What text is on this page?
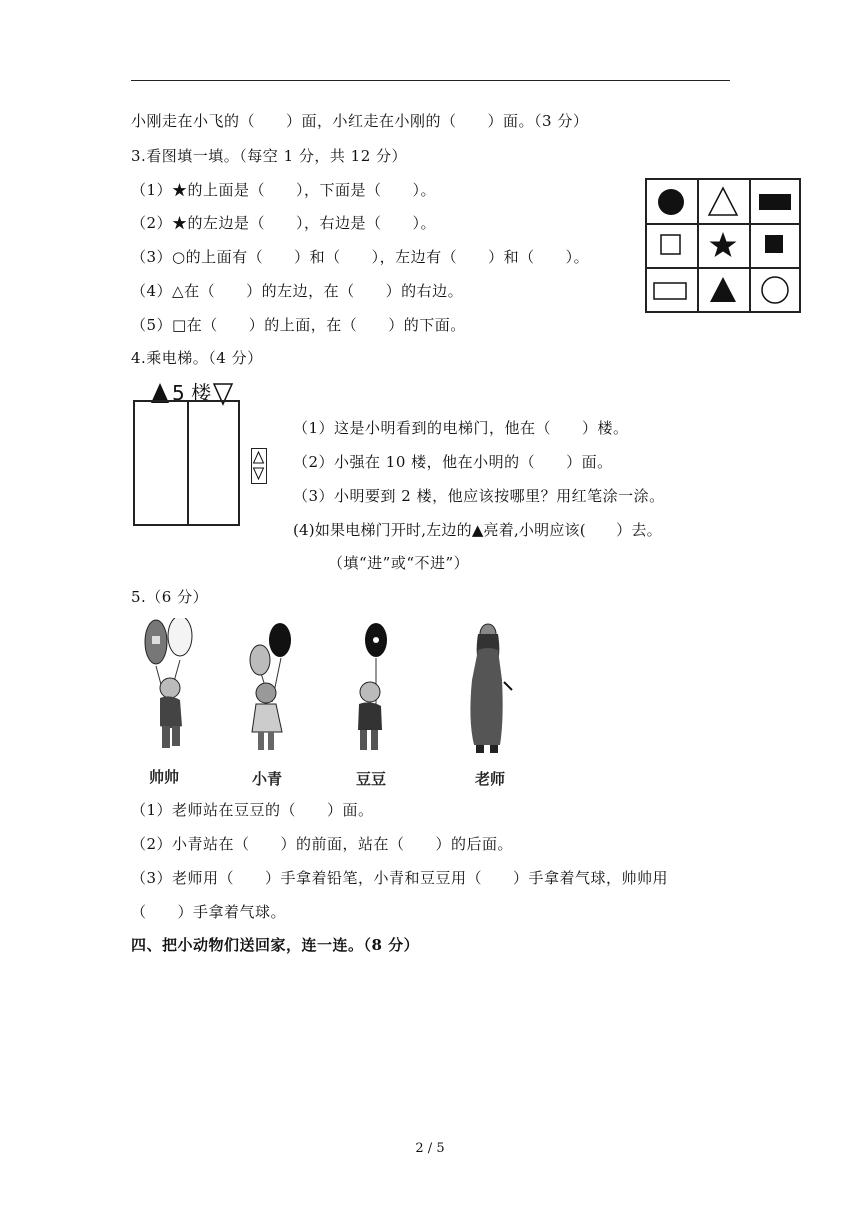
小刚走在小飞的（　　）面，小红走在小刚的（　　）面。（3 分）
3.看图填一填。（每空 1 分，共 12 分）
（1）★的上面是（　　），下面是（　　）。
（2）★的左边是（　　），右边是（　　）。
（3）○的上面有（　　）和（　　），左边有（　　）和（　　）。
（4）△在（　　）的左边，在（　　）的右边。
（5）□在（　　）的上面，在（　　）的下面。
4.乘电梯。（4 分）
5 楼
（1）这是小明看到的电梯门，他在（　　）楼。
（2）小强在 10 楼，他在小明的（　　）面。
（3）小明要到 2 楼，他应该按哪里？用红笔涂一涂。
(4)如果电梯门开时,左边的▲亮着,小明应该(　　）去。
（填“进”或“不进”）
5.（6 分）
帅帅	小青	豆豆	老师
（1）老师站在豆豆的（　　）面。
（2）小青站在（　　）的前面，站在（　　）的后面。
（3）老师用（　　）手拿着铅笔，小青和豆豆用（　　）手拿着气球，帅帅用
（　　）手拿着气球。
四、把小动物们送回家，连一连。（8 分）
2 / 5
